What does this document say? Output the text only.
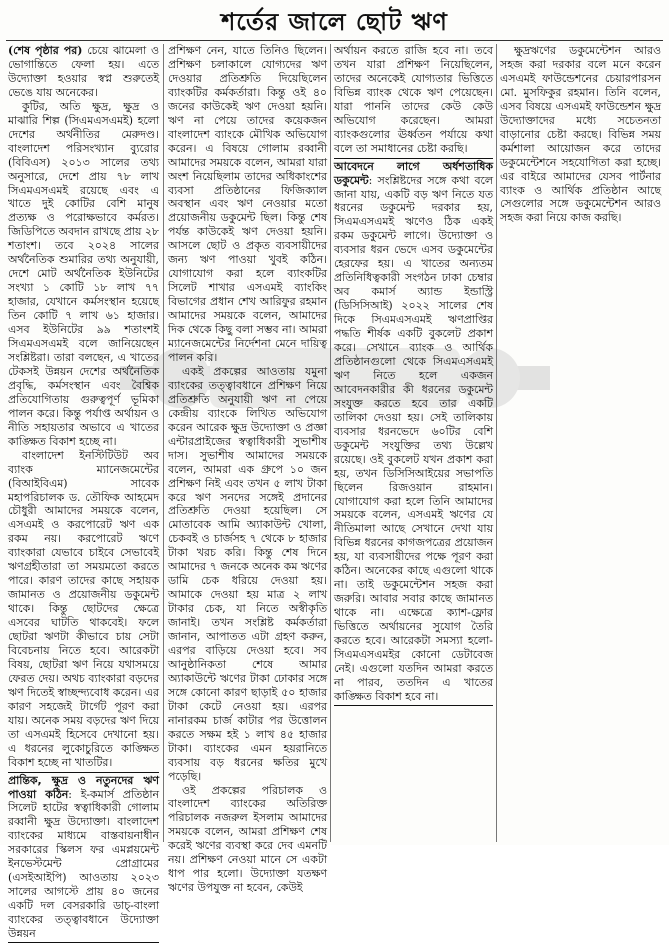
শর্তের জালে ছোট ঋণ

(শেষ পৃষ্ঠার পর) চেয়ে ঝামেলা ও ভোগান্তিতে ফেলা হয়। এতে উদ্যোক্তা হওয়ার স্বপ্ন শুরুতেই ভেঙে যায় অনেকের।

কুটির, অতি ক্ষুদ্র, ক্ষুদ্র ও মাঝারি শিল্প (সিএমএসএমই) হলো দেশের অর্থনীতির মেরুদণ্ড। বাংলাদেশ পরিসংখ্যান ব্যুরোর (বিবিএস) ২০১৩ সালের তথ্য অনুসারে, দেশে প্রায় ৭৮ লাখ সিএমএসএমই রয়েছে এবং এ খাতে দুই কোটির বেশি মানুষ প্রত্যক্ষ ও পরোক্ষভাবে কর্মরত। জিডিপিতে অবদান রাখছে প্রায় ২৮ শতাংশ। তবে ২০২৪ সালের অর্থনৈতিক শুমারির তথ্য অনুযায়ী, দেশে মোট অর্থনৈতিক ইউনিটের সংখ্যা ১ কোটি ১৮ লাখ ৭৭ হাজার, যেখানে কর্মসংস্থান হয়েছে তিন কোটি ৭ লাখ ৬১ হাজার। এসব ইউনিটের ৯৯ শতাংশই সিএমএসএমই বলে জানিয়েছেন সংশ্লিষ্টরা। তারা বলছেন, এ খাতের টেকসই উন্নয়ন দেশের অর্থনৈতিক প্রবৃদ্ধি, কর্মসংস্থান এবং বৈশ্বিক প্রতিযোগিতায় গুরুত্বপূর্ণ ভূমিকা পালন করে। কিন্তু পর্যাপ্ত অর্থায়ন ও নীতি সহায়তার অভাবে এ খাতের কাঙ্ক্ষিত বিকাশ হচ্ছে না।

বাংলাদেশ ইনস্টিটিউট অব ব্যাংক ম্যানেজমেন্টের (বিআইবিএম) সাবেক মহাপরিচালক ড. তৌফিক আহমেদ চৌধুরী আমাদের সময়কে বলেন, এসএমই ও করপোরেট ঋণ এক রকম নয়। করপোরেট ঋণে ব্যাংকারা যেভাবে চাইবে সেভাবেই ঋণগ্রহীতারা তা সময়মতো করতে পারে। কারণ তাদের কাছে সহায়ক জামানত ও প্রয়োজনীয় ডকুমেন্ট থাকে। কিন্তু ছোটদের ক্ষেত্রে এসবের ঘাটতি থাকবেই। ফলে ছোটরা ঋণটা কীভাবে চায় সেটা বিবেচনায় নিতে হবে। আরেকটা বিষয়, ছোটরা ঋণ নিয়ে যথাসময়ে ফেরত দেয়। অথচ ব্যাংকারা বড়দের ঋণ দিতেই স্বাচ্ছন্দ্যবোধ করেন। এর কারণ সহজেই টার্গেট পূরণ করা যায়। অনেক সময় বড়দের ঋণ দিয়ে তা এসএমই হিসেবে দেখানো হয়। এ ধরনের লুকোচুরিতে কাঙ্ক্ষিত বিকাশ হচ্ছে না খাতটির।

প্রান্তিক, ক্ষুদ্র ও নতুনদের ঋণ পাওয়া কঠিন: ই-কমার্স প্রতিষ্ঠান সিলেট হাটের স্বত্বাধিকারী গোলাম রব্বানী ক্ষুদ্র উদ্যোক্তা। বাংলাদেশ ব্যাংকের মাধ্যমে বাস্তবায়নাধীন সরকারের স্কিলস ফর এমপ্লয়মেন্ট ইনভেস্টমেন্ট প্রোগ্রামের (এসইআইপি) আওতায় ২০২৩ সালের আগস্টে প্রায় ৪০ জনের একটি দল বেসরকারি ডাচ্-বাংলা ব্যাংকের তত্ত্বাবধানে উদ্যোক্তা উন্নয়ন

প্রশিক্ষণ নেন, যাতে তিনিও ছিলেন। প্রশিক্ষণ চলাকালে যোগ্যদের ঋণ দেওয়ার প্রতিশ্রুতি দিয়েছিলেন ব্যাংকটির কর্মকর্তারা। কিন্তু ওই ৪০ জনের কাউকেই ঋণ দেওয়া হয়নি। ঋণ না পেয়ে তাদের কয়েকজন বাংলাদেশ ব্যাংকে মৌখিক অভিযোগ করেন। এ বিষয়ে গোলাম রব্বানী আমাদের সময়কে বলেন, আমরা যারা অংশ নিয়েছিলাম তাদের অধিকাংশের ব্যবসা প্রতিষ্ঠানের ফিজিক্যাল অবস্থান এবং ঋণ নেওয়ার মতো প্রয়োজনীয় ডকুমেন্ট ছিল। কিন্তু শেষ পর্যন্ত কাউকেই ঋণ দেওয়া হয়নি। আসলে ছোট ও প্রকৃত ব্যবসায়ীদের জন্য ঋণ পাওয়া খুবই কঠিন। যোগাযোগ করা হলে ব্যাংকটির সিলেট শাখার এসএমই ব্যাংকিং বিভাগের প্রধান শেখ আরিফুর রহমান আমাদের সময়কে বলেন, আমাদের দিক থেকে কিছু বলা সম্ভব না। আমরা ম্যানেজমেন্টের নির্দেশনা মেনে দায়িত্ব পালন করি।

একই প্রকল্পের আওতায় যমুনা ব্যাংকের তত্ত্বাবধানে প্রশিক্ষণ নিয়ে প্রতিশ্রুতি অনুযায়ী ঋণ না পেয়ে কেন্দ্রীয় ব্যাংকে লিখিত অভিযোগ করেন আরেক ক্ষুদ্র উদ্যোক্তা ও প্রজ্ঞা এন্টারপ্রাইজের স্বত্বাধিকারী সুভাশীষ দাস। সুভাশীষ আমাদের সময়কে বলেন, আমরা এক গ্রুপে ১০ জন প্রশিক্ষণ নিই এবং তখন ৫ লাখ টাকা করে ঋণ সনদের সঙ্গেই প্রদানের প্রতিশ্রুতি দেওয়া হয়েছিল। সে মোতাবেক আমি অ্যাকাউন্ট খোলা, চেকবই ও চার্জসহ ৭ থেকে ৮ হাজার টাকা খরচ করি। কিন্তু শেষ দিনে আমাদের ৭ জনকে অনেক কম ঋণের ডামি চেক ধরিয়ে দেওয়া হয়। আমাকে দেওয়া হয় মাত্র ২ লাখ টাকার চেক, যা নিতে অস্বীকৃতি জানাই। তখন সংশ্লিষ্ট কর্মকর্তারা জানান, আপাতত এটা গ্রহণ করুন, এরপর বাড়িয়ে দেওয়া হবে। সব আনুষ্ঠানিকতা শেষে আমার অ্যাকাউন্টে ঋণের টাকা ঢোকার সঙ্গে সঙ্গে কোনো কারণ ছাড়াই ৫০ হাজার টাকা কেটে নেওয়া হয়। এরপর নানারকম চার্জ কাটার পর উত্তোলন করতে সক্ষম হই ১ লাখ ৪৫ হাজার টাকা। ব্যাংকের এমন হয়রানিতে ব্যবসায় বড় ধরনের ক্ষতির মুখে পড়েছি।

ওই প্রকল্পের পরিচালক ও বাংলাদেশ ব্যাংকের অতিরিক্ত পরিচালক নজরুল ইসলাম আমাদের সময়কে বলেন, আমরা প্রশিক্ষণ শেষ করেই ঋণের ব্যবস্থা করে দেব এমনটি নয়। প্রশিক্ষণ নেওয়া মানে সে একটা ধাপ পার হলো। উদ্যোক্তা যতক্ষণ ঋণের উপযুক্ত না হবেন, কেউই

অর্থায়ন করতে রাজি হবে না। তবে তখন যারা প্রশিক্ষণ নিয়েছিলেন, তাদের অনেকেই যোগ্যতার ভিত্তিতে বিভিন্ন ব্যাংক থেকে ঋণ পেয়েছেন। যারা পাননি তাদের কেউ কেউ অভিযোগ করেছেন। আমরা ব্যাংকগুলোর ঊর্ধ্বতন পর্যায়ে কথা বলে তা সমাধানের চেষ্টা করছি।

আবেদনে লাগে অর্ধশতাধিক ডকুমেন্ট: সংশ্লিষ্টদের সঙ্গে কথা বলে জানা যায়, একটি বড় ঋণ নিতে যত ধরনের ডকুমেন্ট দরকার হয়, সিএমএসএমই ঋণেও ঠিক একই রকম ডকুমেন্ট লাগে। উদ্যোক্তা ও ব্যবসার ধরন ভেদে এসব ডকুমেন্টের হেরফের হয়। এ খাতের অন্যতম প্রতিনিধিত্বকারী সংগঠন ঢাকা চেম্বার অব কমার্স অ্যান্ড ইন্ডাস্ট্রি (ডিসিসিআই) ২০২২ সালের শেষ দিকে সিএমএসএমই ঋণপ্রাপ্তির পদ্ধতি শীর্ষক একটি বুকলেট প্রকাশ করে। সেখানে ব্যাংক ও আর্থিক প্রতিষ্ঠানগুলো থেকে সিএমএসএমই ঋণ নিতে হলে একজন আবেদনকারীর কী ধরনের ডকুমেন্ট সংযুক্ত করতে হবে তার একটি তালিকা দেওয়া হয়। সেই তালিকায় ব্যবসার ধরনভেদে ৬০টির বেশি ডকুমেন্ট সংযুক্তির তথ্য উল্লেখ রয়েছে। ওই বুকলেট যখন প্রকাশ করা হয়, তখন ডিসিসিআইয়ের সভাপতি ছিলেন রিজওয়ান রাহমান। যোগাযোগ করা হলে তিনি আমাদের সময়কে বলেন, এসএমই ঋণের যে নীতিমালা আছে সেখানে দেখা যায় বিভিন্ন ধরনের কাগজপত্রের প্রয়োজন হয়, যা ব্যবসায়ীদের পক্ষে পূরণ করা কঠিন। অনেকের কাছে এগুলো থাকে না। তাই ডকুমেন্টেশন সহজ করা জরুরি। আবার সবার কাছে জামানত থাকে না। এক্ষেত্রে ক্যাশ-ফ্লোর ভিত্তিতে অর্থায়নের সুযোগ তৈরি করতে হবে। আরেকটা সমস্যা হলো- সিএমএসএমইর কোনো ডেটাবেজ নেই। এগুলো যতদিন আমরা করতে না পারব, ততদিন এ খাতের কাঙ্ক্ষিত বিকাশ হবে না।

ক্ষুদ্রঋণের ডকুমেন্টেশন আরও সহজ করা দরকার বলে মনে করেন এসএমই ফাউন্ডেশনের চেয়ারপারসন মো. মুসফিকুর রহমান। তিনি বলেন, এসব বিষয়ে এসএমই ফাউন্ডেশন ক্ষুদ্র উদ্যোক্তাদের মধ্যে সচেতনতা বাড়ানোর চেষ্টা করছে। বিভিন্ন সময় কর্মশালা আয়োজন করে তাদের ডকুমেন্টেশনে সহযোগিতা করা হচ্ছে। এর বাইরে আমাদের যেসব পার্টনার ব্যাংক ও আর্থিক প্রতিষ্ঠান আছে সেগুলোর সঙ্গে ডকুমেন্টেশন আরও সহজ করা নিয়ে কাজ করছি।
